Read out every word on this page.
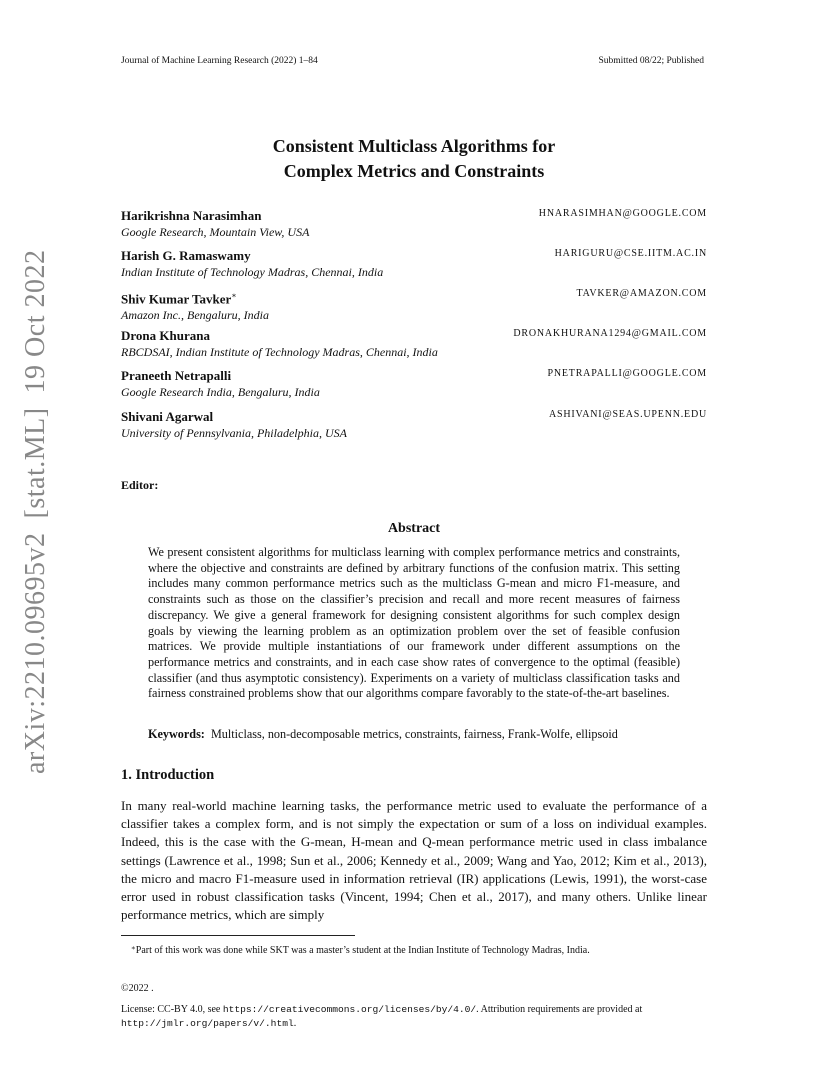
Journal of Machine Learning Research (2022) 1–84	Submitted 08/22; Published
arXiv:2210.09695v2[stat.ML]19 Oct 2022
Consistent Multiclass Algorithms for
Complex Metrics and Constraints
Harikrishna Narasimhan
Google Research, Mountain View, USA
HNARASIMHAN@GOOGLE.COM
Harish G. Ramaswamy
Indian Institute of Technology Madras, Chennai, India
HARIGURU@CSE.IITM.AC.IN
Shiv Kumar Tavker∗
Amazon Inc., Bengaluru, India
TAVKER@AMAZON.COM
Drona Khurana
RBCDSAI, Indian Institute of Technology Madras, Chennai, India
DRONAKHURANA1294@GMAIL.COM
Praneeth Netrapalli
Google Research India, Bengaluru, India
PNETRAPALLI@GOOGLE.COM
Shivani Agarwal
University of Pennsylvania, Philadelphia, USA
ASHIVANI@SEAS.UPENN.EDU
Editor:
Abstract
We present consistent algorithms for multiclass learning with complex performance metrics and constraints, where the objective and constraints are defined by arbitrary functions of the confusion matrix. This setting includes many common performance metrics such as the multiclass G-mean and micro F1-measure, and constraints such as those on the classifier’s precision and recall and more recent measures of fairness discrepancy. We give a general framework for designing consistent algorithms for such complex design goals by viewing the learning problem as an optimization problem over the set of feasible confusion matrices. We provide multiple instantiations of our framework under different assumptions on the performance metrics and constraints, and in each case show rates of convergence to the optimal (feasible) classifier (and thus asymptotic consistency). Experiments on a variety of multiclass classification tasks and fairness constrained problems show that our algorithms compare favorably to the state-of-the-art baselines.
Keywords: Multiclass, non-decomposable metrics, constraints, fairness, Frank-Wolfe, ellipsoid
1. Introduction
In many real-world machine learning tasks, the performance metric used to evaluate the performance of a classifier takes a complex form, and is not simply the expectation or sum of a loss on individual examples. Indeed, this is the case with the G-mean, H-mean and Q-mean performance metric used in class imbalance settings (Lawrence et al., 1998; Sun et al., 2006; Kennedy et al., 2009; Wang and Yao, 2012; Kim et al., 2013), the micro and macro F1-measure used in information retrieval (IR) applications (Lewis, 1991), the worst-case error used in robust classification tasks (Vincent, 1994; Chen et al., 2017), and many others. Unlike linear performance metrics, which are simply
∗Part of this work was done while SKT was a master’s student at the Indian Institute of Technology Madras, India.
©2022 .
License: CC-BY 4.0, see https://creativecommons.org/licenses/by/4.0/. Attribution requirements are provided at
http://jmlr.org/papers/v/.html.
